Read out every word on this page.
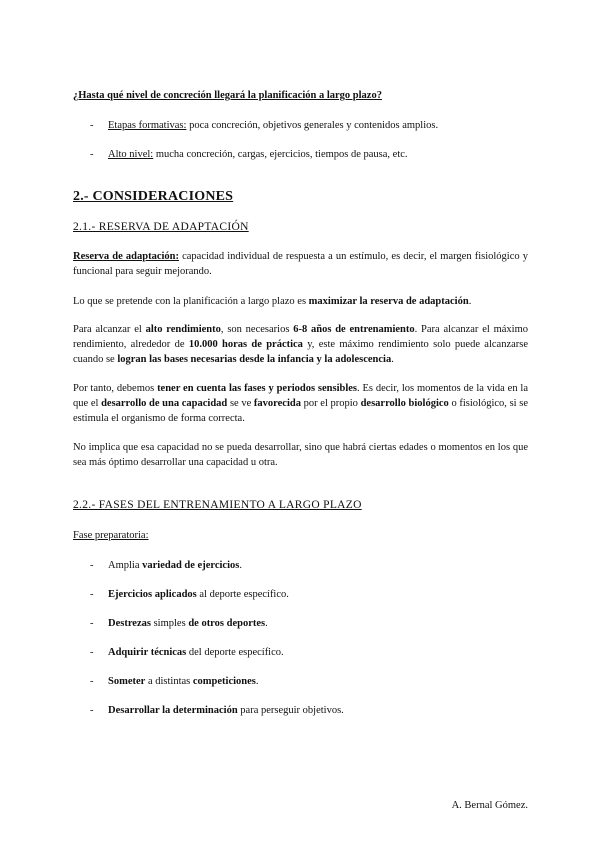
¿Hasta qué nivel de concreción llegará la planificación a largo plazo?

- Etapas formativas: poca concreción, objetivos generales y contenidos amplios.
- Alto nivel: mucha concreción, cargas, ejercicios, tiempos de pausa, etc.

2.- CONSIDERACIONES

2.1.- RESERVA DE ADAPTACIÓN

Reserva de adaptación: capacidad individual de respuesta a un estímulo, es decir, el margen fisiológico y funcional para seguir mejorando.

Lo que se pretende con la planificación a largo plazo es maximizar la reserva de adaptación.

Para alcanzar el alto rendimiento, son necesarios 6-8 años de entrenamiento. Para alcanzar el máximo rendimiento, alrededor de 10.000 horas de práctica y, este máximo rendimiento solo puede alcanzarse cuando se logran las bases necesarias desde la infancia y la adolescencia.

Por tanto, debemos tener en cuenta las fases y periodos sensibles. Es decir, los momentos de la vida en la que el desarrollo de una capacidad se ve favorecida por el propio desarrollo biológico o fisiológico, si se estimula el organismo de forma correcta.

No implica que esa capacidad no se pueda desarrollar, sino que habrá ciertas edades o momentos en los que sea más óptimo desarrollar una capacidad u otra.

2.2.- FASES DEL ENTRENAMIENTO A LARGO PLAZO

Fase preparatoria:

- Amplia variedad de ejercicios.
- Ejercicios aplicados al deporte específico.
- Destrezas simples de otros deportes.
- Adquirir técnicas del deporte específico.
- Someter a distintas competiciones.
- Desarrollar la determinación para perseguir objetivos.
A. Bernal Gómez.
